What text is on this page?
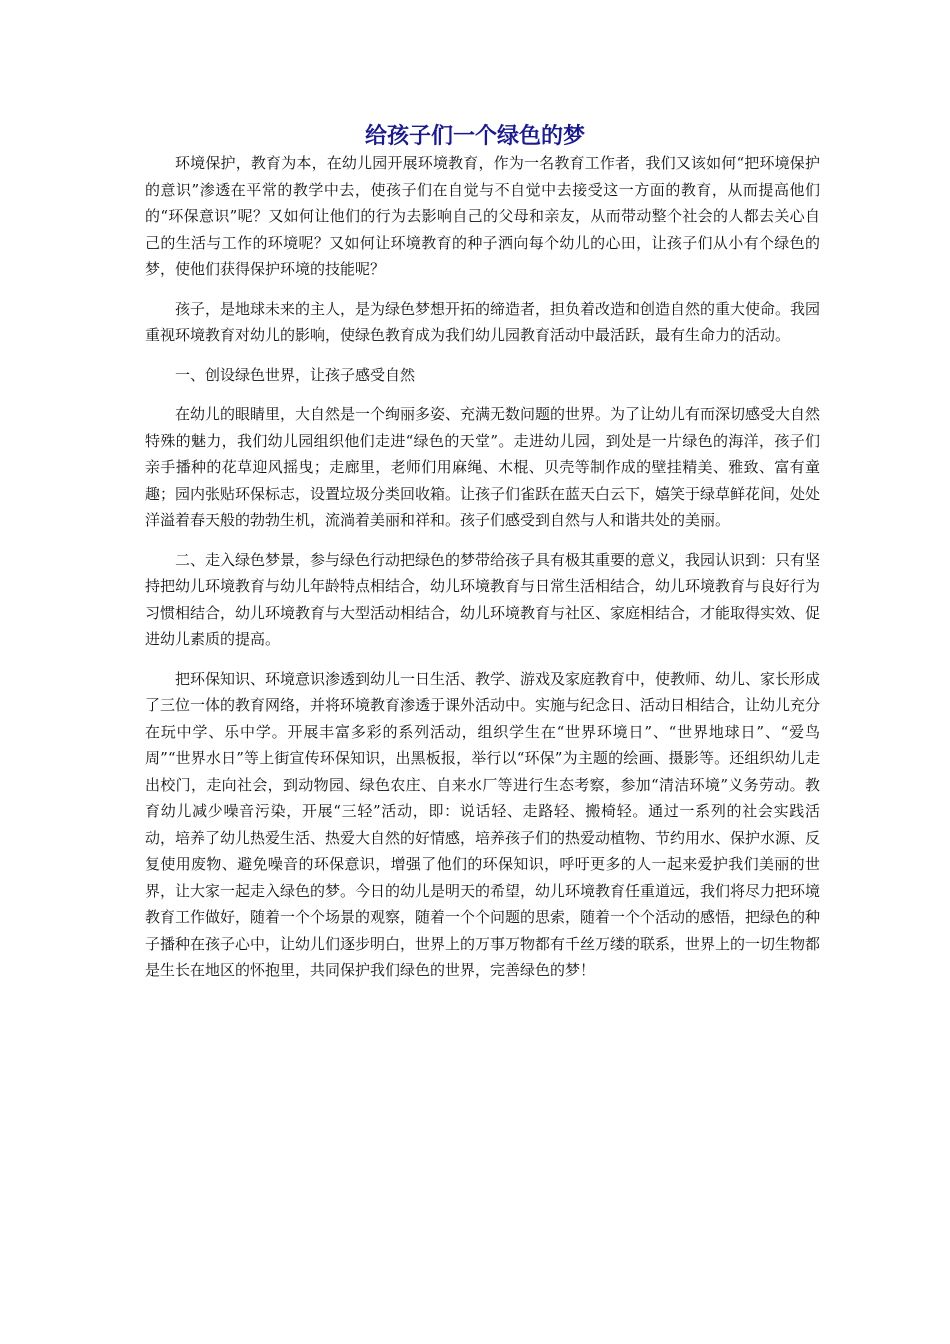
给孩子们一个绿色的梦

环境保护，教育为本，在幼儿园开展环境教育，作为一名教育工作者，我们又该如何“把环境保护的意识”渗透在平常的教学中去，使孩子们在自觉与不自觉中去接受这一方面的教育，从而提高他们的“环保意识”呢？又如何让他们的行为去影响自己的父母和亲友，从而带动整个社会的人都去关心自己的生活与工作的环境呢？又如何让环境教育的种子洒向每个幼儿的心田，让孩子们从小有个绿色的梦，使他们获得保护环境的技能呢？

孩子，是地球未来的主人，是为绿色梦想开拓的缔造者，担负着改造和创造自然的重大使命。我园重视环境教育对幼儿的影响，使绿色教育成为我们幼儿园教育活动中最活跃，最有生命力的活动。

一、创设绿色世界，让孩子感受自然

在幼儿的眼睛里，大自然是一个绚丽多姿、充满无数问题的世界。为了让幼儿有而深切感受大自然特殊的魅力，我们幼儿园组织他们走进“绿色的天堂”。走进幼儿园，到处是一片绿色的海洋，孩子们亲手播种的花草迎风摇曳；走廊里，老师们用麻绳、木棍、贝壳等制作成的壁挂精美、雅致、富有童趣；园内张贴环保标志，设置垃圾分类回收箱。让孩子们雀跃在蓝天白云下，嬉笑于绿草鲜花间，处处洋溢着春天般的勃勃生机，流淌着美丽和祥和。孩子们感受到自然与人和谐共处的美丽。

二、走入绿色梦景，参与绿色行动把绿色的梦带给孩子具有极其重要的意义，我园认识到：只有坚持把幼儿环境教育与幼儿年龄特点相结合，幼儿环境教育与日常生活相结合，幼儿环境教育与良好行为习惯相结合，幼儿环境教育与大型活动相结合，幼儿环境教育与社区、家庭相结合，才能取得实效、促进幼儿素质的提高。

把环保知识、环境意识渗透到幼儿一日生活、教学、游戏及家庭教育中，使教师、幼儿、家长形成了三位一体的教育网络，并将环境教育渗透于课外活动中。实施与纪念日、活动日相结合，让幼儿充分在玩中学、乐中学。开展丰富多彩的系列活动，组织学生在“世界环境日”、“世界地球日”、“爱鸟周”“世界水日”等上街宣传环保知识，出黑板报，举行以“环保”为主题的绘画、摄影等。还组织幼儿走出校门，走向社会，到动物园、绿色农庄、自来水厂等进行生态考察，参加“清洁环境”义务劳动。教育幼儿减少噪音污染，开展“三轻”活动，即：说话轻、走路轻、搬椅轻。通过一系列的社会实践活动，培养了幼儿热爱生活、热爱大自然的好情感，培养孩子们的热爱动植物、节约用水、保护水源、反复使用废物、避免噪音的环保意识，增强了他们的环保知识，呼吁更多的人一起来爱护我们美丽的世界，让大家一起走入绿色的梦。今日的幼儿是明天的希望，幼儿环境教育任重道远，我们将尽力把环境教育工作做好，随着一个个场景的观察，随着一个个问题的思索，随着一个个活动的感悟，把绿色的种子播种在孩子心中，让幼儿们逐步明白，世界上的万事万物都有千丝万缕的联系，世界上的一切生物都是生长在地区的怀抱里，共同保护我们绿色的世界，完善绿色的梦！
